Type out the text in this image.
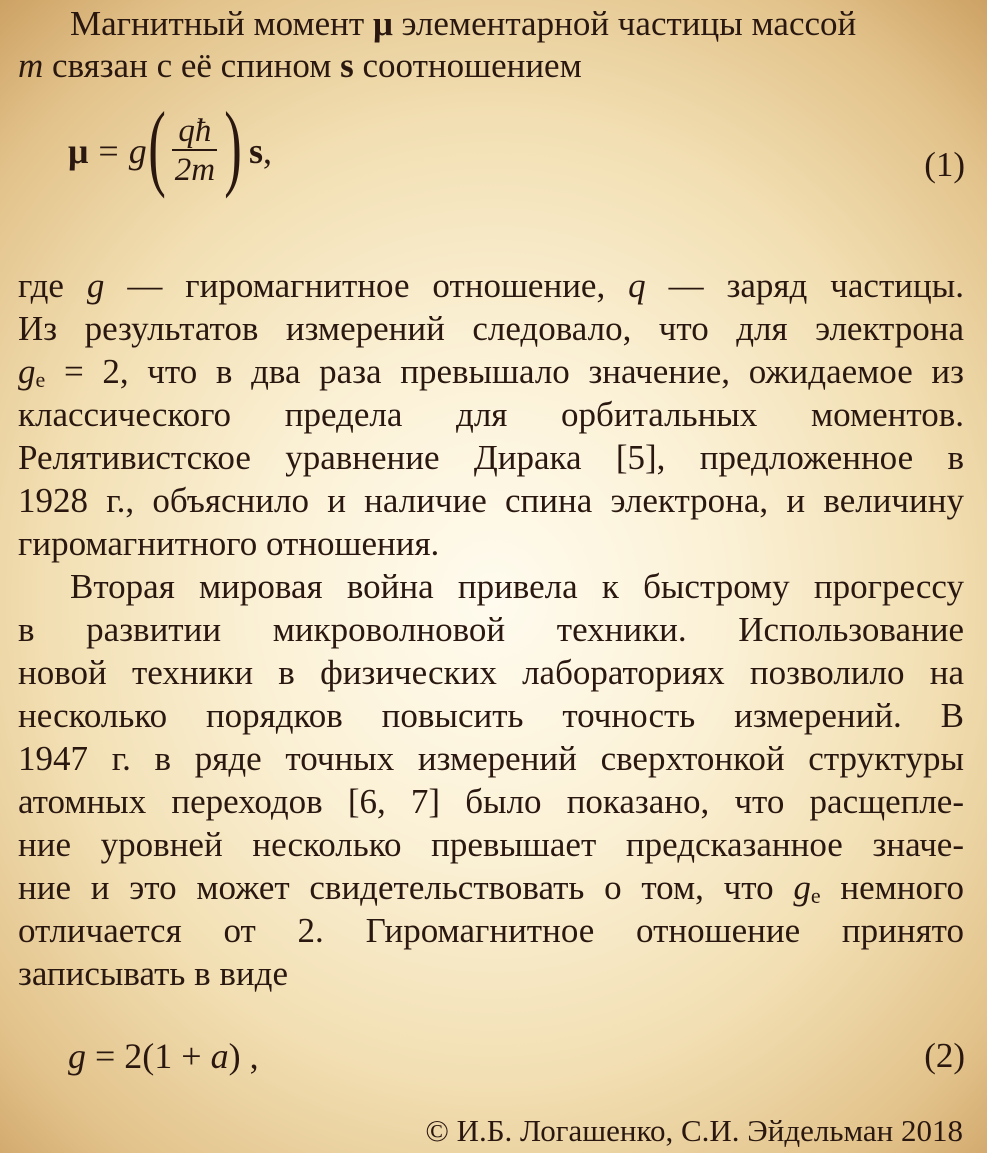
Магнитный момент μ элементарной частицы массой
m связан с её спином s соотношением
μ = g ( $\frac{qħ}{2m}$ ) s ,	(1)
где g — гиромагнитное отношение, q — заряд частицы.
Из результатов измерений следовало, что для электрона
$g_e = 2$, что в два раза превышало значение, ожидаемое из
классического предела для орбитальных моментов.
Релятивистское уравнение Дирака [5], предложенное в
1928 г., объяснило и наличие спина электрона, и величину
гиромагнитного отношения.
Вторая мировая война привела к быстрому прогрессу
в развитии микроволновой техники. Использование
новой техники в физических лабораториях позволило на
несколько порядков повысить точность измерений. В
1947 г. в ряде точных измерений сверхтонкой структуры
атомных переходов [6, 7] было показано, что расщепле-
ние уровней несколько превышает предсказанное значе-
ние и это может свидетельствовать о том, что $g_e$ немного
отличается от 2. Гиромагнитное отношение принято
записывать в виде
g = 2(1 + a ) ,	(2)
© И.Б. Логашенко, С.И. Эйдельман 2018
